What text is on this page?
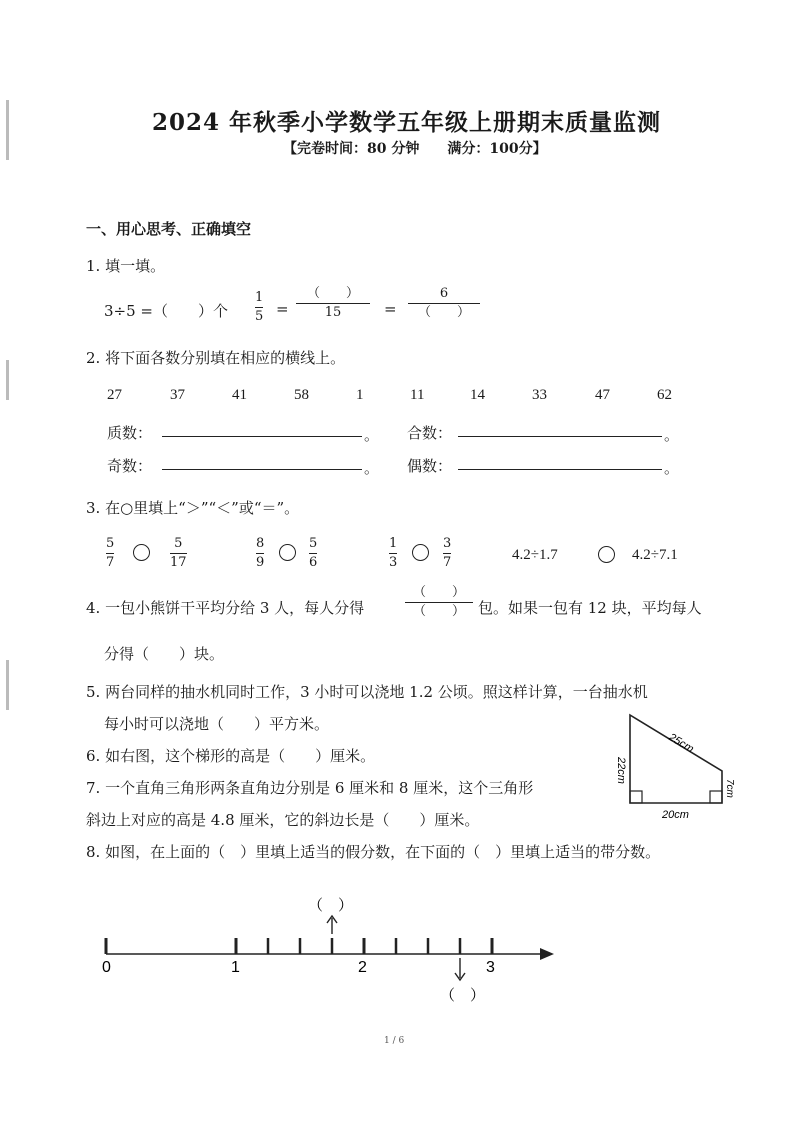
2024 年秋季小学数学五年级上册期末质量监测
【完卷时间：80 分钟　　满分：100分】
一、用心思考、正确填空
1. 填一填。
3÷5 =（　　）个
1
5 =
（　　）
15	=
6
（　　）
2. 将下面各数分别填在相应的横线上。
27	37	41	58	1	11	14	33	47	62
质数：	。 合数：	。
奇数：	。 偶数：	。
3. 在○里填上“＞”“＜”或“＝”。
5
7
5
17
8
9
5
6
1
3
3
7	4.2÷1.7	4.2÷7.1
4. 一包小熊饼干平均分给 3 人，每人分得
（　　）
（　　） 包。如果一包有 12 块，平均每人
分得（　　）块。
5. 两台同样的抽水机同时工作，3 小时可以浇地 1.2 公顷。照这样计算，一台抽水机
每小时可以浇地（　　）平方米。
6. 如右图，这个梯形的高是（　　）厘米。
7. 一个直角三角形两条直角边分别是 6 厘米和 8 厘米，这个三角形
斜边上对应的高是 4.8 厘米，它的斜边长是（　　）厘米。
8. 如图，在上面的（　）里填上适当的假分数，在下面的（　）里填上适当的带分数。
25cm
22cm
7cm
20cm
0	1	2	3
（　）
（　）
1 / 6
